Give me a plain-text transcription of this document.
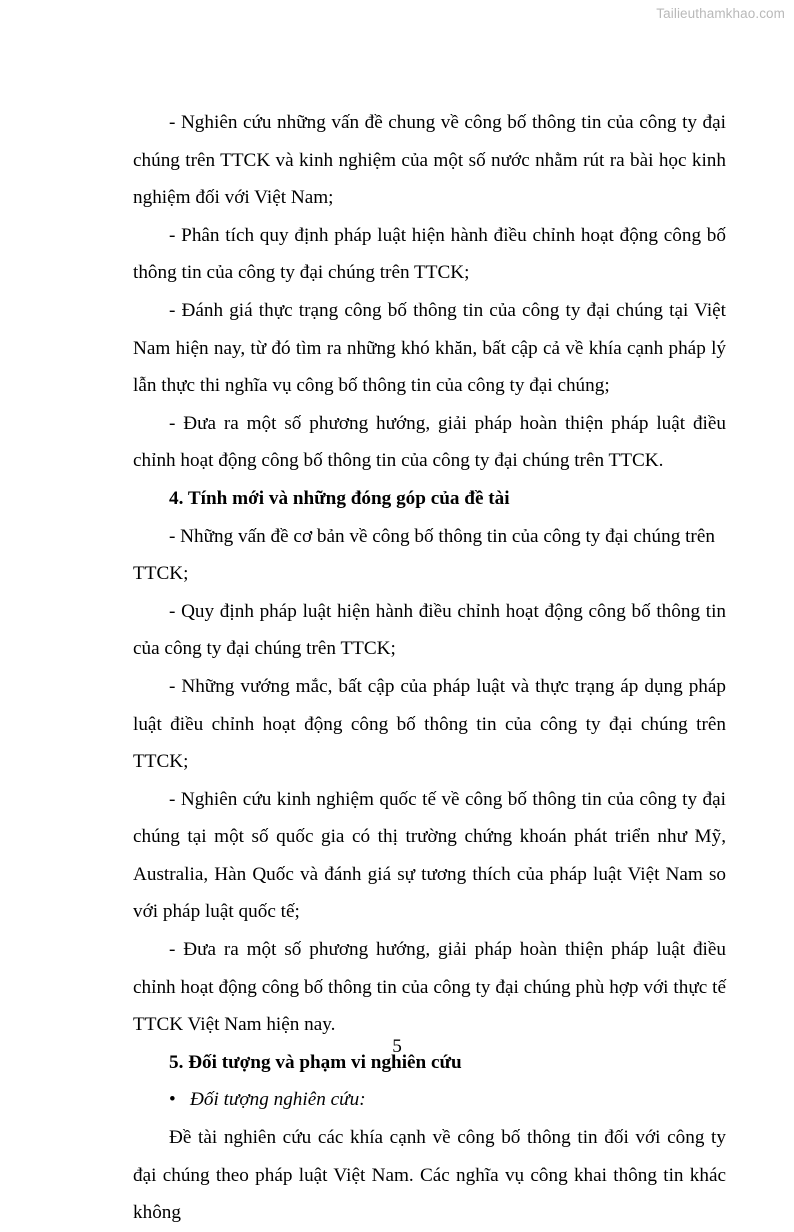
Tailieuthamkhao.com

- Nghiên cứu những vấn đề chung về công bố thông tin của công ty đại chúng trên TTCK và kinh nghiệm của một số nước nhằm rút ra bài học kinh nghiệm đối với Việt Nam;

- Phân tích quy định pháp luật hiện hành điều chỉnh hoạt động công bố thông tin của công ty đại chúng trên TTCK;

- Đánh giá thực trạng công bố thông tin của công ty đại chúng tại Việt Nam hiện nay, từ đó tìm ra những khó khăn, bất cập cả về khía cạnh pháp lý lẫn thực thi nghĩa vụ công bố thông tin của công ty đại chúng;

- Đưa ra một số phương hướng, giải pháp hoàn thiện pháp luật điều chỉnh hoạt động công bố thông tin của công ty đại chúng trên TTCK.

4. Tính mới và những đóng góp của đề tài

- Những vấn đề cơ bản về công bố thông tin của công ty đại chúng trên TTCK;

- Quy định pháp luật hiện hành điều chỉnh hoạt động công bố thông tin của công ty đại chúng trên TTCK;

- Những vướng mắc, bất cập của pháp luật và thực trạng áp dụng pháp luật điều chỉnh hoạt động công bố thông tin của công ty đại chúng trên TTCK;

- Nghiên cứu kinh nghiệm quốc tế về công bố thông tin của công ty đại chúng tại một số quốc gia có thị trường chứng khoán phát triển như Mỹ, Australia, Hàn Quốc và đánh giá sự tương thích của pháp luật Việt Nam so với pháp luật quốc tế;

- Đưa ra một số phương hướng, giải pháp hoàn thiện pháp luật điều chỉnh hoạt động công bố thông tin của công ty đại chúng phù hợp với thực tế TTCK Việt Nam hiện nay.

5. Đối tượng và phạm vi nghiên cứu

• Đối tượng nghiên cứu:

Đề tài nghiên cứu các khía cạnh về công bố thông tin đối với công ty đại chúng theo pháp luật Việt Nam. Các nghĩa vụ công khai thông tin khác không

5
